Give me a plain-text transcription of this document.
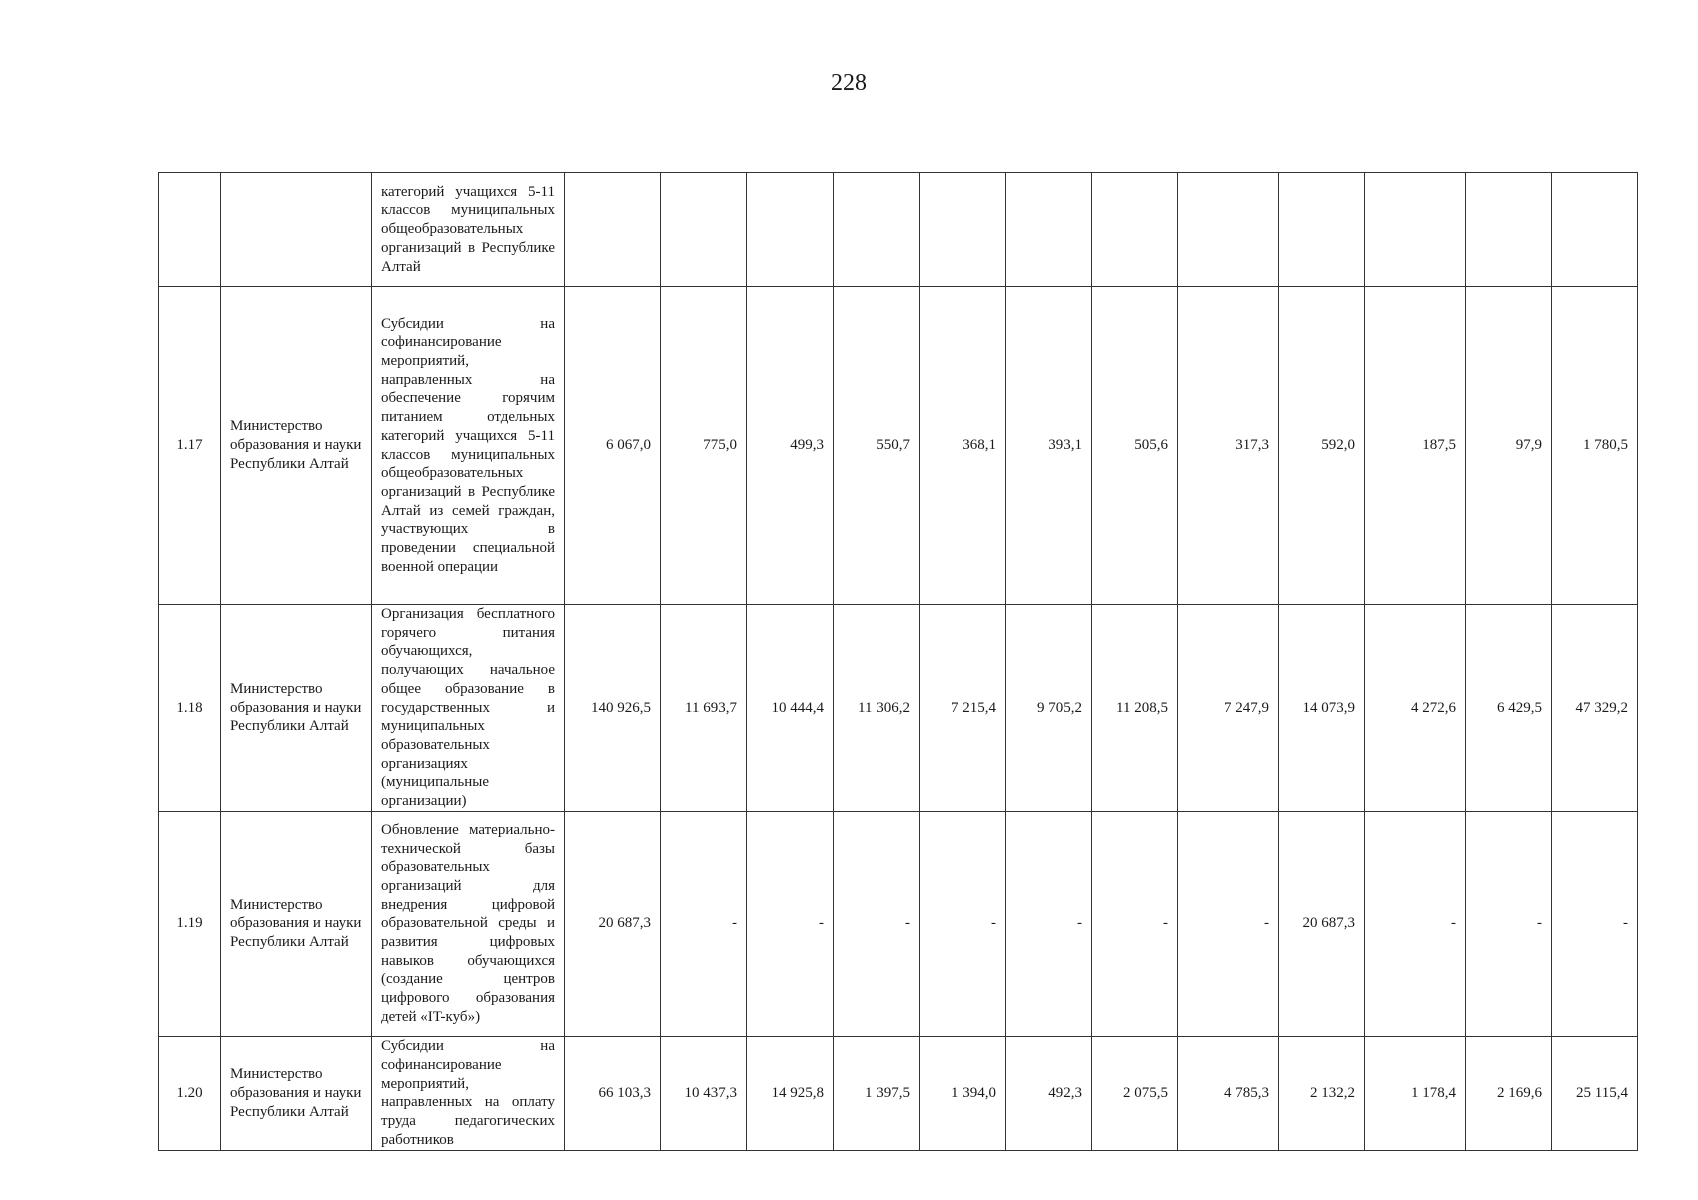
228

		категорий учащихся 5-11 классов муниципальных общеобразовательных организаций в Республике Алтай												

1.17	Министерство образования и науки Республики Алтай	Субсидии на софинансирование мероприятий, направленных на обеспечение горячим питанием отдельных категорий учащихся 5-11 классов муниципальных общеобразовательных организаций в Республике Алтай из семей граждан, участвующих в проведении специальной военной операции	6 067,0	775,0	499,3	550,7	368,1	393,1	505,6	317,3	592,0	187,5	97,9	1 780,5
1.18	Министерство образования и науки Республики Алтай	Организация бесплатного горячего питания обучающихся, получающих начальное общее образование в государственных и муниципальных образовательных организациях (муниципальные организации)	140 926,5	11 693,7	10 444,4	11 306,2	7 215,4	9 705,2	11 208,5	7 247,9	14 073,9	4 272,6	6 429,5	47 329,2
1.19	Министерство образования и науки Республики Алтай	Обновление материально-технической базы образовательных организаций для внедрения цифровой образовательной среды и развития цифровых навыков обучающихся (создание центров цифрового образования детей «IT-куб»)	20 687,3	-	-	-	-	-	-	-	20 687,3	-	-	-
1.20	Министерство образования и науки Республики Алтай	Субсидии на софинансирование мероприятий, направленных на оплату труда педагогических работников	66 103,3	10 437,3	14 925,8	1 397,5	1 394,0	492,3	2 075,5	4 785,3	2 132,2	1 178,4	2 169,6	25 115,4
